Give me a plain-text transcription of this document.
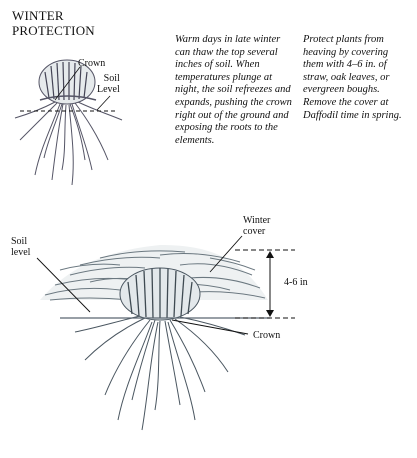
WINTER
PROTECTION
Warm days in late winter can thaw the top several inches of soil. When temperatures plunge at night, the soil refreezes and expands, pushing the crown right out of the ground and exposing the roots to the elements.
Protect plants from heaving by covering them with 4–6 in. of straw, oak leaves, or evergreen boughs. Remove the cover at Daffodil time in spring.
Crown
Soil
Level
Soil
level
Winter
cover
4-6 in
Crown
